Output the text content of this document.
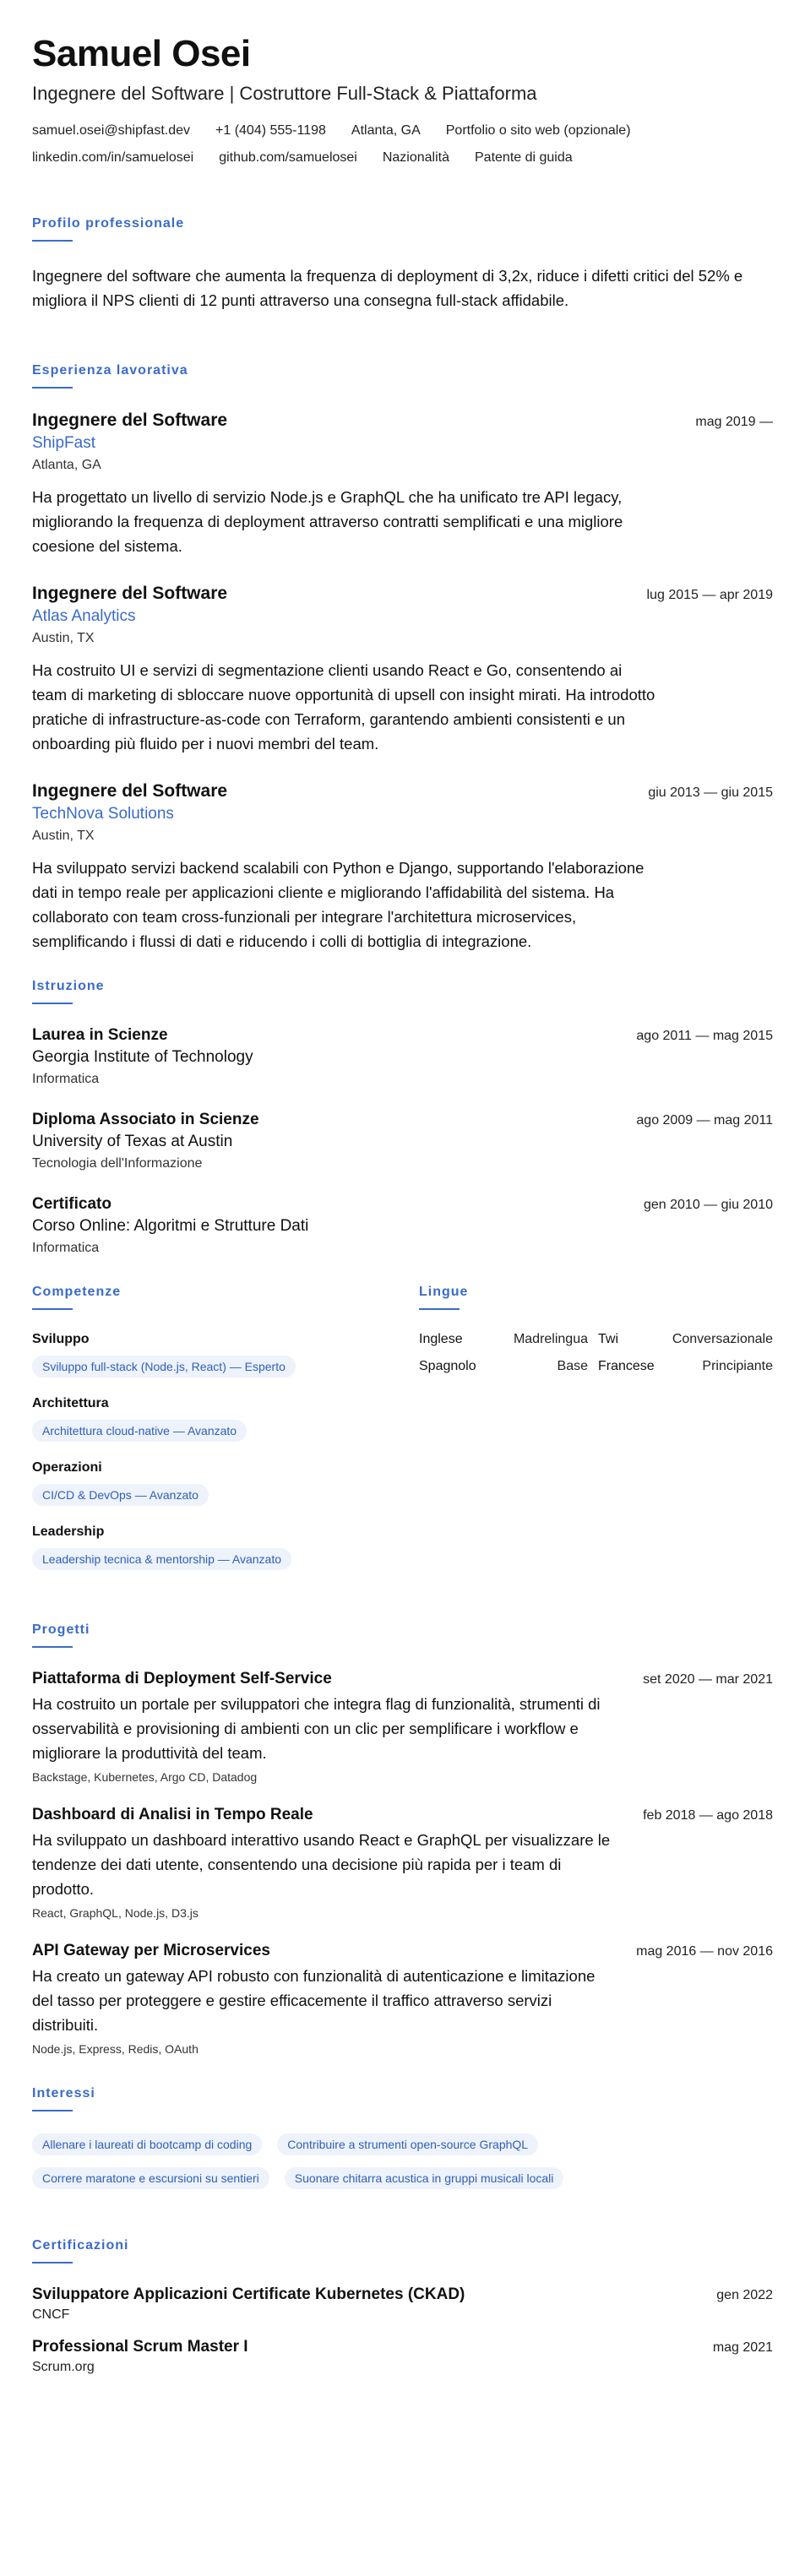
Samuel Osei
Ingegnere del Software | Costruttore Full-Stack & Piattaforma
samuel.osei@shipfast.dev +1 (404) 555-1198 Atlanta, GA Portfolio o sito web (opzionale)
linkedin.com/in/samuelosei github.com/samuelosei Nazionalità Patente di guida
Profilo professionale
Ingegnere del software che aumenta la frequenza di deployment di 3,2x, riduce i difetti critici del 52% e migliora il NPS clienti di 12 punti attraverso una consegna full-stack affidabile.
Esperienza lavorativa
Ingegnere del Software	mag 2019 —
ShipFast
Atlanta, GA
Ha progettato un livello di servizio Node.js e GraphQL che ha unificato tre API legacy, migliorando la frequenza di deployment attraverso contratti semplificati e una migliore coesione del sistema.
Ingegnere del Software	lug 2015 — apr 2019
Atlas Analytics
Austin, TX
Ha costruito UI e servizi di segmentazione clienti usando React e Go, consentendo ai team di marketing di sbloccare nuove opportunità di upsell con insight mirati. Ha introdotto pratiche di infrastructure-as-code con Terraform, garantendo ambienti consistenti e un onboarding più fluido per i nuovi membri del team.
Ingegnere del Software	giu 2013 — giu 2015
TechNova Solutions
Austin, TX
Ha sviluppato servizi backend scalabili con Python e Django, supportando l'elaborazione dati in tempo reale per applicazioni cliente e migliorando l'affidabilità del sistema. Ha collaborato con team cross-funzionali per integrare l'architettura microservices, semplificando i flussi di dati e riducendo i colli di bottiglia di integrazione.
Istruzione
Laurea in Scienze	ago 2011 — mag 2015
Georgia Institute of Technology
Informatica
Diploma Associato in Scienze	ago 2009 — mag 2011
University of Texas at Austin
Tecnologia dell'Informazione
Certificato	gen 2010 — giu 2010
Corso Online: Algoritmi e Strutture Dati
Informatica
Competenze
Sviluppo
Sviluppo full-stack (Node.js, React) — Esperto
Architettura
Architettura cloud-native — Avanzato
Operazioni
CI/CD & DevOps — Avanzato
Leadership
Leadership tecnica & mentorship — Avanzato
Lingue
Inglese	Madrelingua Twi	Conversazionale
Spagnolo	Base Francese	Principiante
Progetti
Piattaforma di Deployment Self-Service	set 2020 — mar 2021
Ha costruito un portale per sviluppatori che integra flag di funzionalità, strumenti di osservabilità e provisioning di ambienti con un clic per semplificare i workflow e migliorare la produttività del team.
Backstage, Kubernetes, Argo CD, Datadog
Dashboard di Analisi in Tempo Reale	feb 2018 — ago 2018
Ha sviluppato un dashboard interattivo usando React e GraphQL per visualizzare le tendenze dei dati utente, consentendo una decisione più rapida per i team di prodotto.
React, GraphQL, Node.js, D3.js
API Gateway per Microservices	mag 2016 — nov 2016
Ha creato un gateway API robusto con funzionalità di autenticazione e limitazione del tasso per proteggere e gestire efficacemente il traffico attraverso servizi distribuiti.
Node.js, Express, Redis, OAuth
Interessi
Allenare i laureati di bootcamp di coding	Contribuire a strumenti open-source GraphQL
Correre maratone e escursioni su sentieri	Suonare chitarra acustica in gruppi musicali locali
Certificazioni
Sviluppatore Applicazioni Certificate Kubernetes (CKAD)	gen 2022
CNCF
Professional Scrum Master I	mag 2021
Scrum.org
